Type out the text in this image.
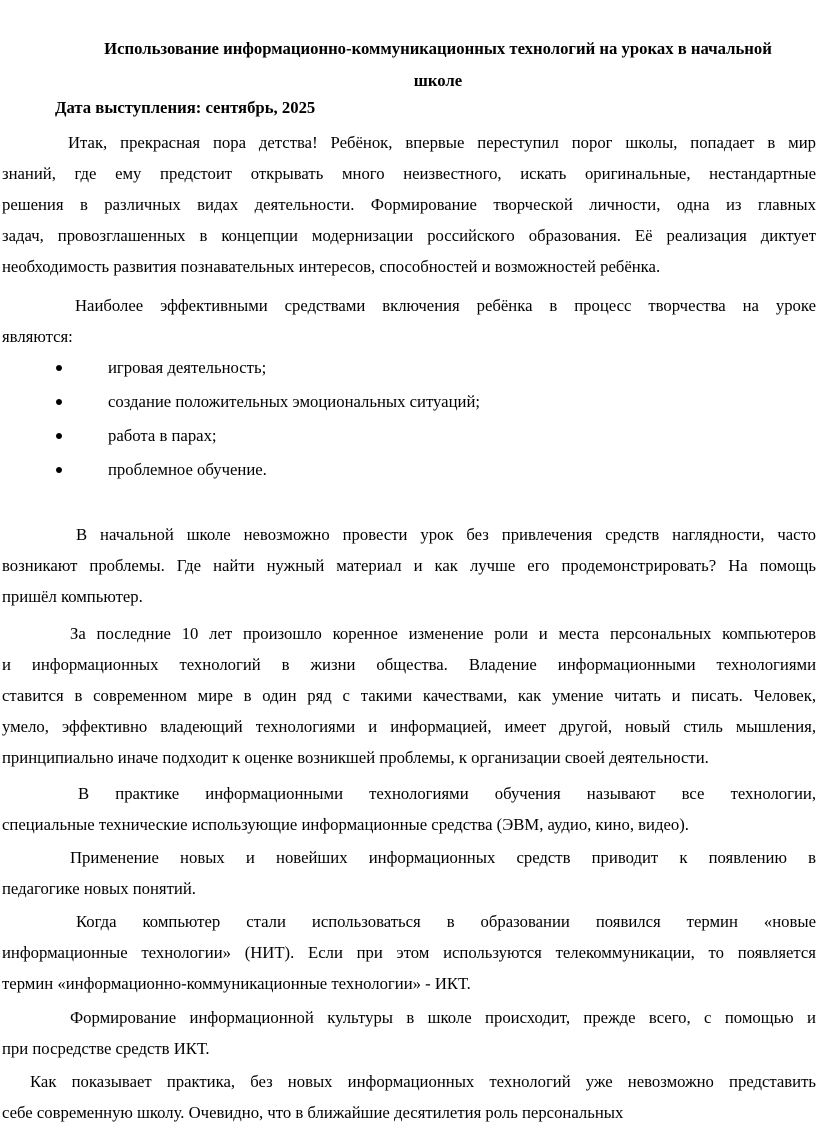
Использование информационно-коммуникационных технологий на уроках в начальной
школе

Дата выступления: сентябрь, 2025

Итак, прекрасная пора детства! Ребёнок, впервые переступил порог школы, попадает в мир
знаний, где ему предстоит открывать много неизвестного, искать оригинальные, нестандартные
решения в различных видах деятельности. Формирование творческой личности, одна из главных
задач, провозглашенных в концепции модернизации российского образования. Её реализация диктует
необходимость развития познавательных интересов, способностей и возможностей ребёнка.

Наиболее эффективными средствами включения ребёнка в процесс творчества на уроке
являются:

игровая деятельность;
создание положительных эмоциональных ситуаций;
работа в парах;
проблемное обучение.

В начальной школе невозможно провести урок без привлечения средств наглядности, часто
возникают проблемы. Где найти нужный материал и как лучше его продемонстрировать? На помощь
пришёл компьютер.

За последние 10 лет произошло коренное изменение роли и места персональных компьютеров
и информационных технологий в жизни общества. Владение информационными технологиями
ставится в современном мире в один ряд с такими качествами, как умение читать и писать. Человек,
умело, эффективно владеющий технологиями и информацией, имеет другой, новый стиль мышления,
принципиально иначе подходит к оценке возникшей проблемы, к организации своей деятельности.

В практике информационными технологиями обучения называют все технологии,
специальные технические использующие информационные средства (ЭВМ, аудио, кино, видео).

Применение новых и новейших информационных средств приводит к появлению в
педагогике новых понятий.

Когда компьютер стали использоваться в образовании появился термин «новые
информационные технологии» (НИТ). Если при этом используются телекоммуникации, то появляется
термин «информационно-коммуникационные технологии» - ИКТ.

Формирование информационной культуры в школе происходит, прежде всего, с помощью и
при посредстве средств ИКТ.

Как показывает практика, без новых информационных технологий уже невозможно представить
себе современную школу. Очевидно, что в ближайшие десятилетия роль персональных
